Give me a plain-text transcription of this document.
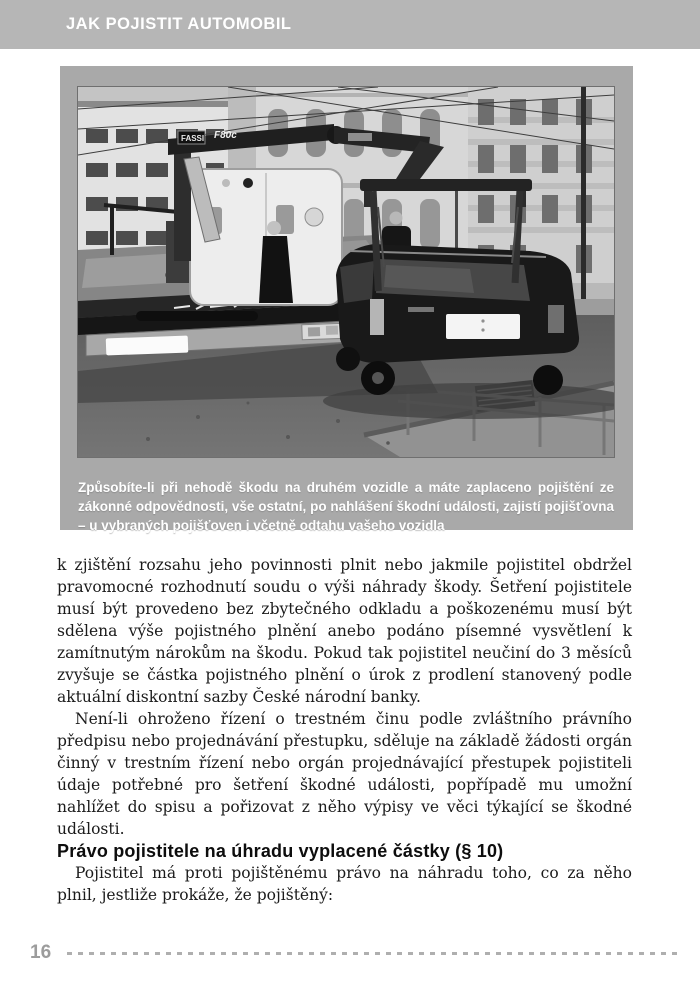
JAK POJISTIT AUTOMOBIL
FASSI F80c

Způsobíte-li při nehodě škodu na druhém vozidle a máte zaplaceno pojištění ze zákonné odpovědnosti, vše ostatní, po nahlášení škodní události, zajistí pojišťovna – u vybraných pojišťoven i včetně odtahu vašeho vozidla

k zjištění rozsahu jeho povinnosti plnit nebo jakmile pojistitel obdržel pravomocné rozhodnutí soudu o výši náhrady škody. Šetření pojistitele musí být provedeno bez zbytečného odkladu a poškozenému musí být sdělena výše pojistného plnění anebo podáno písemné vysvětlení k zamítnutým nárokům na škodu. Pokud tak pojistitel neučiní do 3 měsíců zvyšuje se částka pojistného plnění o úrok z prodlení stanovený podle aktuální diskontní sazby České národní banky.

Není-li ohroženo řízení o trestném činu podle zvláštního právního předpisu nebo projednávání přestupku, sděluje na základě žádosti orgán činný v trestním řízení nebo orgán projednávající přestupek pojistiteli údaje potřebné pro šetření škodné události, popřípadě mu umožní nahlížet do spisu a pořizovat z něho výpisy ve věci týkající se škodné události.

Právo pojistitele na úhradu vyplacené částky (§ 10)

Pojistitel má proti pojištěnému právo na náhradu toho, co za něho plnil, jestliže prokáže, že pojištěný:

16
